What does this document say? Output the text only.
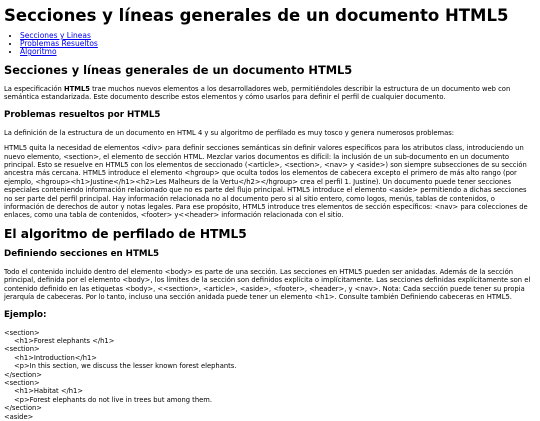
Secciones y líneas generales de un documento HTML5
• Secciones y Lineas
• Problemas Resueltos
• Algoritmo
Secciones y líneas generales de un documento HTML5

La especificación HTML5 trae muchos nuevos elementos a los desarrolladores web, permitiéndoles describir la estructura de un documento web con semántica estandarizada. Este documento describe estos elementos y cómo usarlos para definir el perfil de cualquier documento.

Problemas resueltos por HTML5

La definición de la estructura de un documento en HTML 4 y su algoritmo de perfilado es muy tosco y genera numerosos problemas:

HTML5 quita la necesidad de elementos <div> para definir secciones semánticas sin definir valores específicos para los atributos class, introduciendo un nuevo elemento, <section>, el elemento de sección HTML. Mezclar varios documentos es difícil: la inclusión de un sub-documento en un documento principal. Esto se resuelve en HTML5 con los elementos de seccionado (<article>, <section>, <nav> y <aside>) son siempre subsecciones de su sección ancestra más cercana. HTML5 introduce el elemento <hgroup> que oculta todos los elementos de cabecera excepto el primero de más alto rango (por ejemplo, <hgroup><h1>Justine</h1><h2>Les Malheurs de la Vertu</h2></hgroup> crea el perfil 1. Justine). Un documento puede tener secciones especiales conteniendo información relacionado que no es parte del flujo principal. HTML5 introduce el elemento <aside> permitiendo a dichas secciones no ser parte del perfil principal. Hay información relacionada no al documento pero si al sitio entero, como logos, menús, tablas de contenidos, o información de derechos de autor y notas legales. Para ese propósito, HTML5 introduce tres elementos de sección específicos: <nav> para colecciones de enlaces, como una tabla de contenidos, <footer> y<<header> información relacionada con el sitio.

El algoritmo de perfilado de HTML5
Definiendo secciones en HTML5

Todo el contenido incluido dentro del elemento <body> es parte de una sección. Las secciones en HTML5 pueden ser anidadas. Además de la sección principal, definida por el elemento <body>, los límites de la sección son definidos explícita o implícitamente. Las secciones definidas explícitamente son el contenido definido en las etiquetas <body>, <<section>, <article>, <aside>, <footer>, <header>, y <nav>. Nota: Cada sección puede tener su propia jerarquía de cabeceras. Por lo tanto, incluso una sección anidada puede tener un elemento <h1>. Consulte también Definiendo cabeceras en HTML5.

Ejemplo:
<section>
<h1>Forest elephants </h1>
<section>
<h1>Introduction</h1>
<p>In this section, we discuss the lesser known forest elephants.
</section>
<section>
<h1>Habitat </h1>
<p>Forest elephants do not live in trees but among them.
</section>
<aside>
